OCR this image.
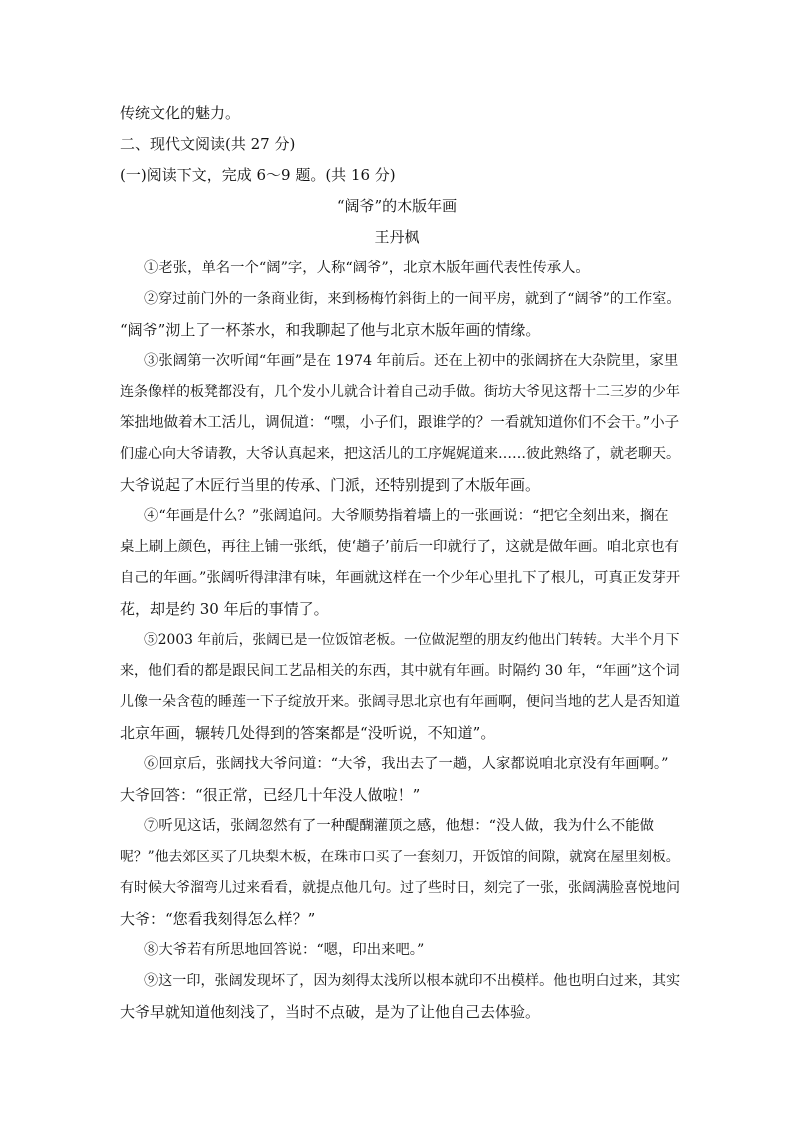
传统文化的魅力。
二、现代文阅读(共 27 分)
(一)阅读下文，完成 6～9 题。(共 16 分)
“阔爷”的木版年画
王丹枫
①老张，单名一个“阔”字，人称“阔爷”，北京木版年画代表性传承人。
②穿过前门外的一条商业街，来到杨梅竹斜街上的一间平房，就到了“阔爷”的工作室。
“阔爷”沏上了一杯茶水，和我聊起了他与北京木版年画的情缘。
③张阔第一次听闻“年画”是在 1974 年前后。还在上初中的张阔挤在大杂院里，家里
连条像样的板凳都没有，几个发小儿就合计着自己动手做。街坊大爷见这帮十二三岁的少年
笨拙地做着木工活儿，调侃道：“嘿，小子们，跟谁学的？一看就知道你们不会干。”小子
们虚心向大爷请教，大爷认真起来，把这活儿的工序娓娓道来……彼此熟络了，就老聊天。
大爷说起了木匠行当里的传承、门派，还特别提到了木版年画。
④“年画是什么？”张阔追问。大爷顺势指着墙上的一张画说：“把它全刻出来，搁在
桌上刷上颜色，再往上铺一张纸，使‘趟子’前后一印就行了，这就是做年画。咱北京也有
自己的年画。”张阔听得津津有味，年画就这样在一个少年心里扎下了根儿，可真正发芽开
花，却是约 30 年后的事情了。
⑤2003 年前后，张阔已是一位饭馆老板。一位做泥塑的朋友约他出门转转。大半个月下
来，他们看的都是跟民间工艺品相关的东西，其中就有年画。时隔约 30 年，“年画”这个词
儿像一朵含苞的睡莲一下子绽放开来。张阔寻思北京也有年画啊，便问当地的艺人是否知道
北京年画，辗转几处得到的答案都是“没听说，不知道”。
⑥回京后，张阔找大爷问道：“大爷，我出去了一趟，人家都说咱北京没有年画啊。”
大爷回答：“很正常，已经几十年没人做啦！”
⑦听见这话，张阔忽然有了一种醍醐灌顶之感，他想：“没人做，我为什么不能做
呢？”他去郊区买了几块梨木板，在珠市口买了一套刻刀，开饭馆的间隙，就窝在屋里刻板。
有时候大爷溜弯儿过来看看，就提点他几句。过了些时日，刻完了一张，张阔满脸喜悦地问
大爷：“您看我刻得怎么样？”
⑧大爷若有所思地回答说：“嗯，印出来吧。”
⑨这一印，张阔发现坏了，因为刻得太浅所以根本就印不出模样。他也明白过来，其实
大爷早就知道他刻浅了，当时不点破，是为了让他自己去体验。
